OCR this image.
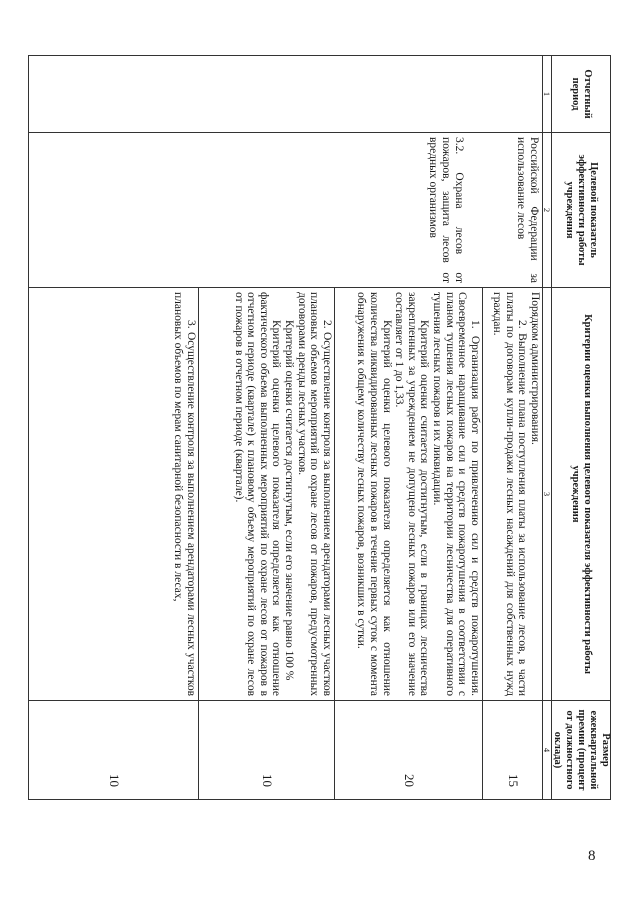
8
Отчетный период
Целевой показатель эффективности работы учреждения
Критерии оценки выполнения целевого показателя эффективности работы учреждения
Размер ежеквартальной премии (процент от должностного оклада)
1
2
3
4

Российской Федерации за использование лесов

3.2. Охрана лесов от пожаров, защита лесов от вредных организмов

Порядком администрирования.

2. Выполнение плана поступления платы за использование лесов, в части платы по договорам купли-продажи лесных насаждений для собственных нужд граждан.

1. Организация работ по привлечению сил и средств пожаротушения. Своевременное наращивание сил и средств пожаротушения в соответствии с планом тушения лесных пожаров на территории лесничества для оперативного тушения лесных пожаров и их ликвидации.

Критерий оценки считается достигнутым, если в границах лесничества закрепленных за учреждением не допущено лесных пожаров или его значение составляет от 1 до 1,33.

Критерий оценки целевого показателя определяется как отношение количества ликвидированных лесных пожаров в течение первых суток с момента обнаружения к общему количеству лесных пожаров, возникших в сутки.

2. Осуществление контроля за выполнением арендаторами лесных участков плановых объемов мероприятий по охране лесов от пожаров, предусмотренных договорами аренды лесных участков.

Критерий оценки считается достигнутым, если его значение равно 100 %

Критерий оценки целевого показателя определяется как отношение фактического объема выполненных мероприятий по охране лесов от пожаров в отчетном периоде (квартале) к плановому объему мероприятий по охране лесов от пожаров в отчетном периоде (квартале).

3. Осуществление контроля за выполнением арендаторами лесных участков плановых объемов по мерам санитарной безопасности в лесах,

15
20
10
10
